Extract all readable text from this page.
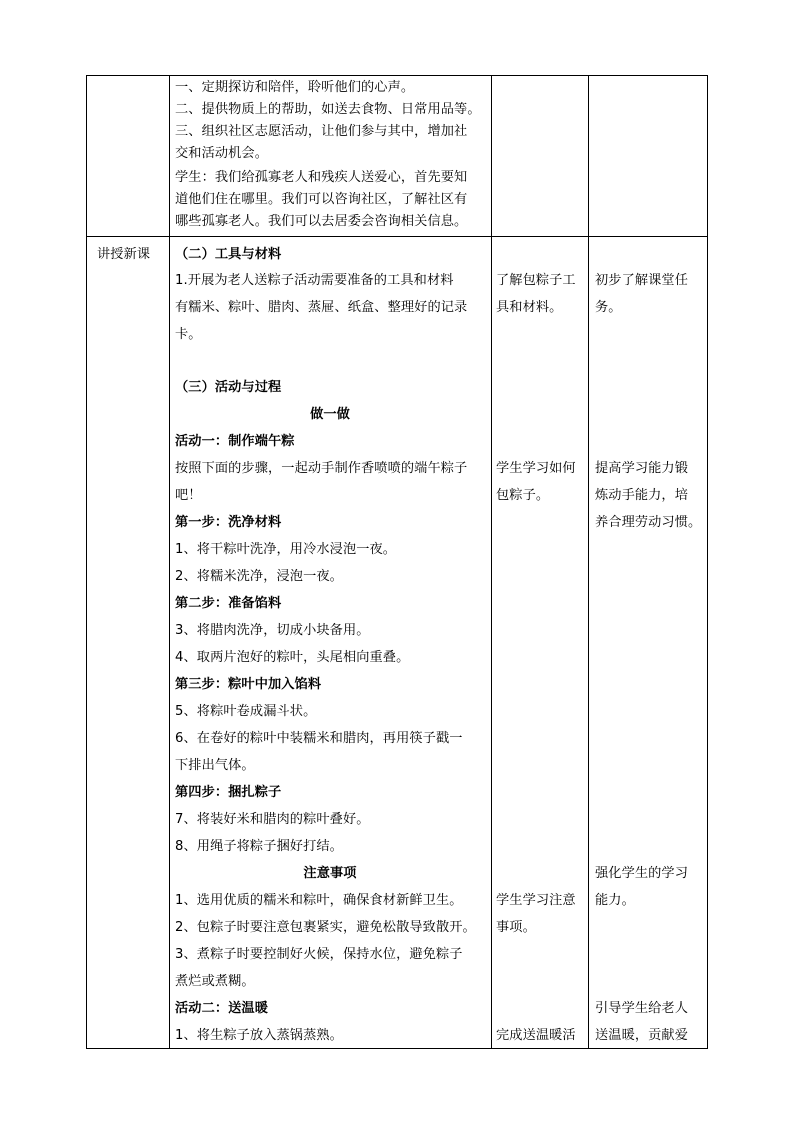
一、定期探访和陪伴，聆听他们的心声。
二、提供物质上的帮助，如送去食物、日常用品等。
三、组织社区志愿活动，让他们参与其中，增加社
交和活动机会。
学生：我们给孤寡老人和残疾人送爱心，首先要知
道他们住在哪里。我们可以咨询社区，了解社区有
哪些孤寡老人。我们可以去居委会咨询相关信息。
讲授新课 （二）工具与材料
1.开展为老人送粽子活动需要准备的工具和材料
有糯米、粽叶、腊肉、蒸屉、纸盒、整理好的记录
卡。
（三）活动与过程
做一做
活动一：制作端午粽
按照下面的步骤，一起动手制作香喷喷的端午粽子
吧！
第一步：洗净材料
1、将干粽叶洗净，用冷水浸泡一夜。
2、将糯米洗净，浸泡一夜。
第二步：准备馅料
3、将腊肉洗净，切成小块备用。
4、取两片泡好的粽叶，头尾相向重叠。
第三步：粽叶中加入馅料
5、将粽叶卷成漏斗状。
6、在卷好的粽叶中装糯米和腊肉，再用筷子戳一
下排出气体。
第四步：捆扎粽子
7、将装好米和腊肉的粽叶叠好。
8、用绳子将粽子捆好打结。
注意事项
1、选用优质的糯米和粽叶，确保食材新鲜卫生。
2、包粽子时要注意包裹紧实，避免松散导致散开。
3、煮粽子时要控制好火候，保持水位，避免粽子
煮烂或煮糊。
活动二：送温暖
1、将生粽子放入蒸锅蒸熟。
了解包粽子工
具和材料。
学生学习如何
包粽子。
学生学习注意
事项。
完成送温暖活
初步了解课堂任
务。
提高学习能力锻
炼动手能力，培
养合理劳动习惯。
强化学生的学习
能力。
引导学生给老人
送温暖，贡献爱
